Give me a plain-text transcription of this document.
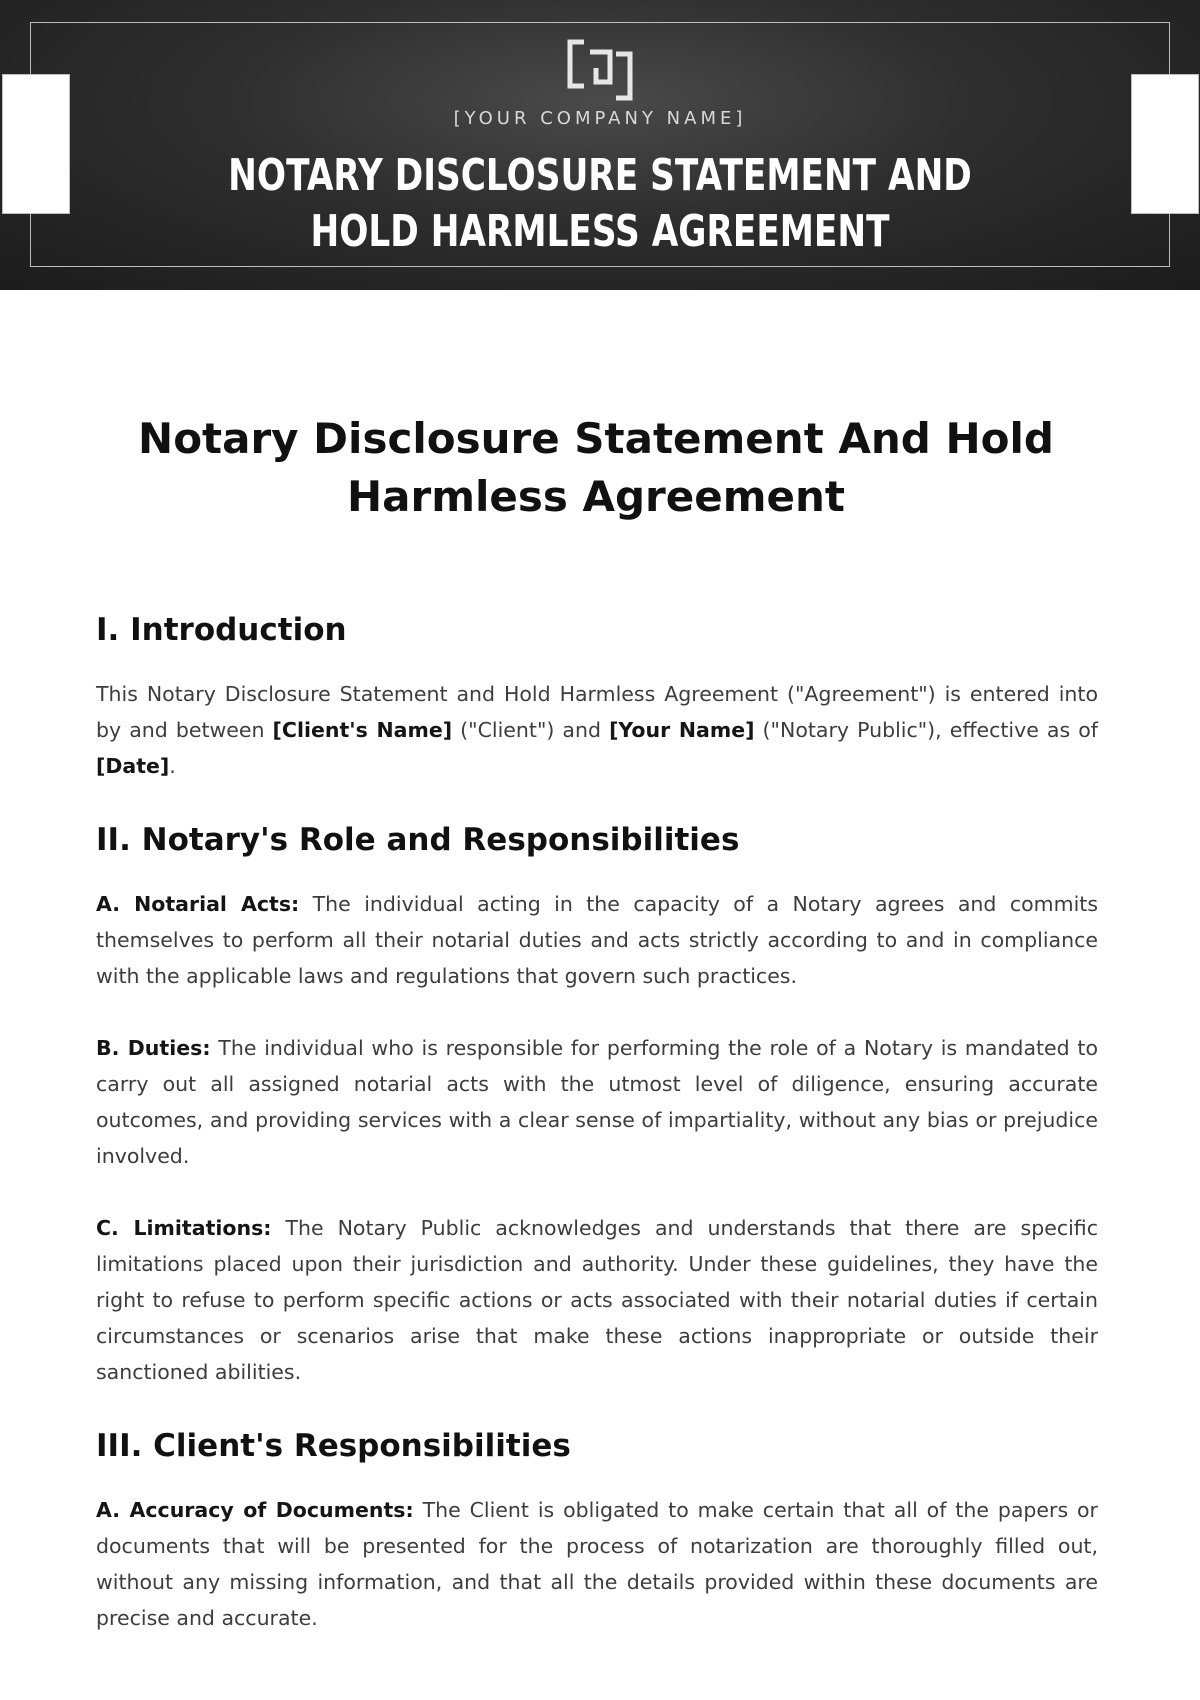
[YOUR COMPANY NAME]
NOTARY DISCLOSURE STATEMENT AND
HOLD HARMLESS AGREEMENT
Notary Disclosure Statement And Hold
Harmless Agreement
I. Introduction

This Notary Disclosure Statement and Hold Harmless Agreement ("Agreement") is entered into by and between [Client's Name] ("Client") and [Your Name] ("Notary Public"), effective as of [Date].

II. Notary's Role and Responsibilities

A. Notarial Acts: The individual acting in the capacity of a Notary agrees and commits themselves to perform all their notarial duties and acts strictly according to and in compliance with the applicable laws and regulations that govern such practices.

B. Duties: The individual who is responsible for performing the role of a Notary is mandated to carry out all assigned notarial acts with the utmost level of diligence, ensuring accurate outcomes, and providing services with a clear sense of impartiality, without any bias or prejudice involved.

C. Limitations: The Notary Public acknowledges and understands that there are specific limitations placed upon their jurisdiction and authority. Under these guidelines, they have the right to refuse to perform specific actions or acts associated with their notarial duties if certain circumstances or scenarios arise that make these actions inappropriate or outside their sanctioned abilities.

III. Client's Responsibilities

A. Accuracy of Documents: The Client is obligated to make certain that all of the papers or documents that will be presented for the process of notarization are thoroughly filled out, without any missing information, and that all the details provided within these documents are precise and accurate.
